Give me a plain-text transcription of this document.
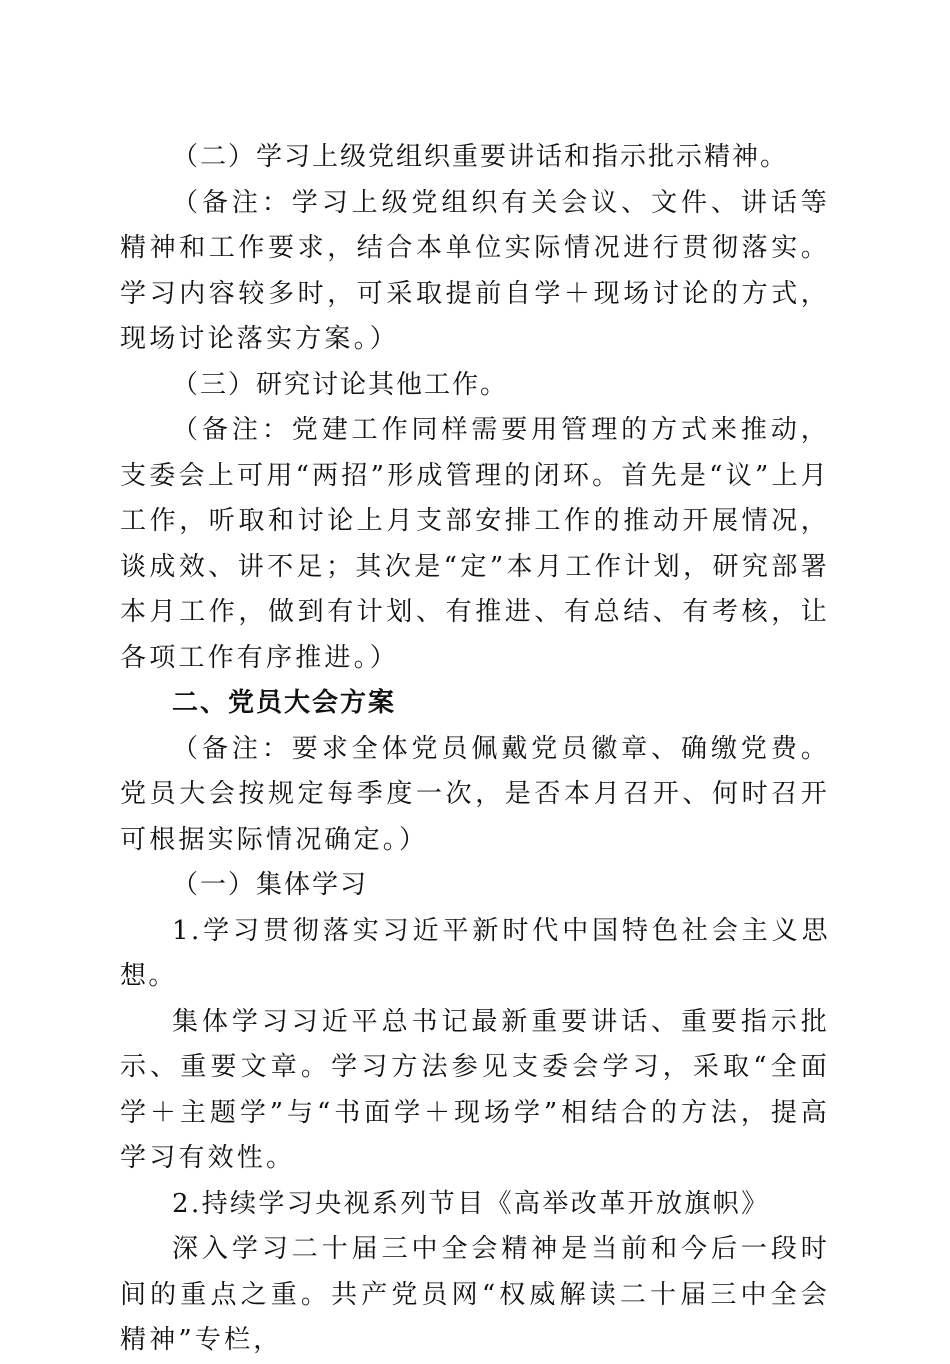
（二）学习上级党组织重要讲话和指示批示精神。

（备注：学习上级党组织有关会议、文件、讲话等精神和工作要求，结合本单位实际情况进行贯彻落实。学习内容较多时，可采取提前自学＋现场讨论的方式，现场讨论落实方案。）

（三）研究讨论其他工作。

（备注：党建工作同样需要用管理的方式来推动，支委会上可用“两招”形成管理的闭环。首先是“议”上月工作，听取和讨论上月支部安排工作的推动开展情况，谈成效、讲不足；其次是“定”本月工作计划，研究部署本月工作，做到有计划、有推进、有总结、有考核，让各项工作有序推进。）

二、党员大会方案

（备注：要求全体党员佩戴党员徽章、确缴党费。党员大会按规定每季度一次，是否本月召开、何时召开可根据实际情况确定。）

（一）集体学习

1.学习贯彻落实习近平新时代中国特色社会主义思想。

集体学习习近平总书记最新重要讲话、重要指示批示、重要文章。学习方法参见支委会学习，采取“全面学＋主题学”与“书面学＋现场学”相结合的方法，提高学习有效性。

2.持续学习央视系列节目《高举改革开放旗帜》

深入学习二十届三中全会精神是当前和今后一段时间的重点之重。共产党员网“权威解读二十届三中全会精神”专栏，
